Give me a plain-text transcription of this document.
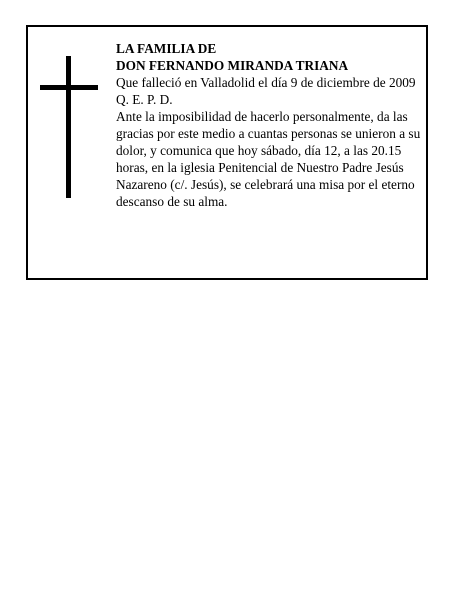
LA FAMILIA DE

DON FERNANDO MIRANDA TRIANA

Que falleció en Valladolid el día 9 de diciembre de 2009

Q. E. P. D.

Ante la imposibilidad de hacerlo personalmente, da las gracias por este medio a cuantas personas se unieron a su dolor, y comunica que hoy sábado, día 12, a las 20.15 horas, en la iglesia Penitencial de Nuestro Padre Jesús Nazareno (c/. Jesús), se celebrará una misa por el eterno descanso de su alma.
